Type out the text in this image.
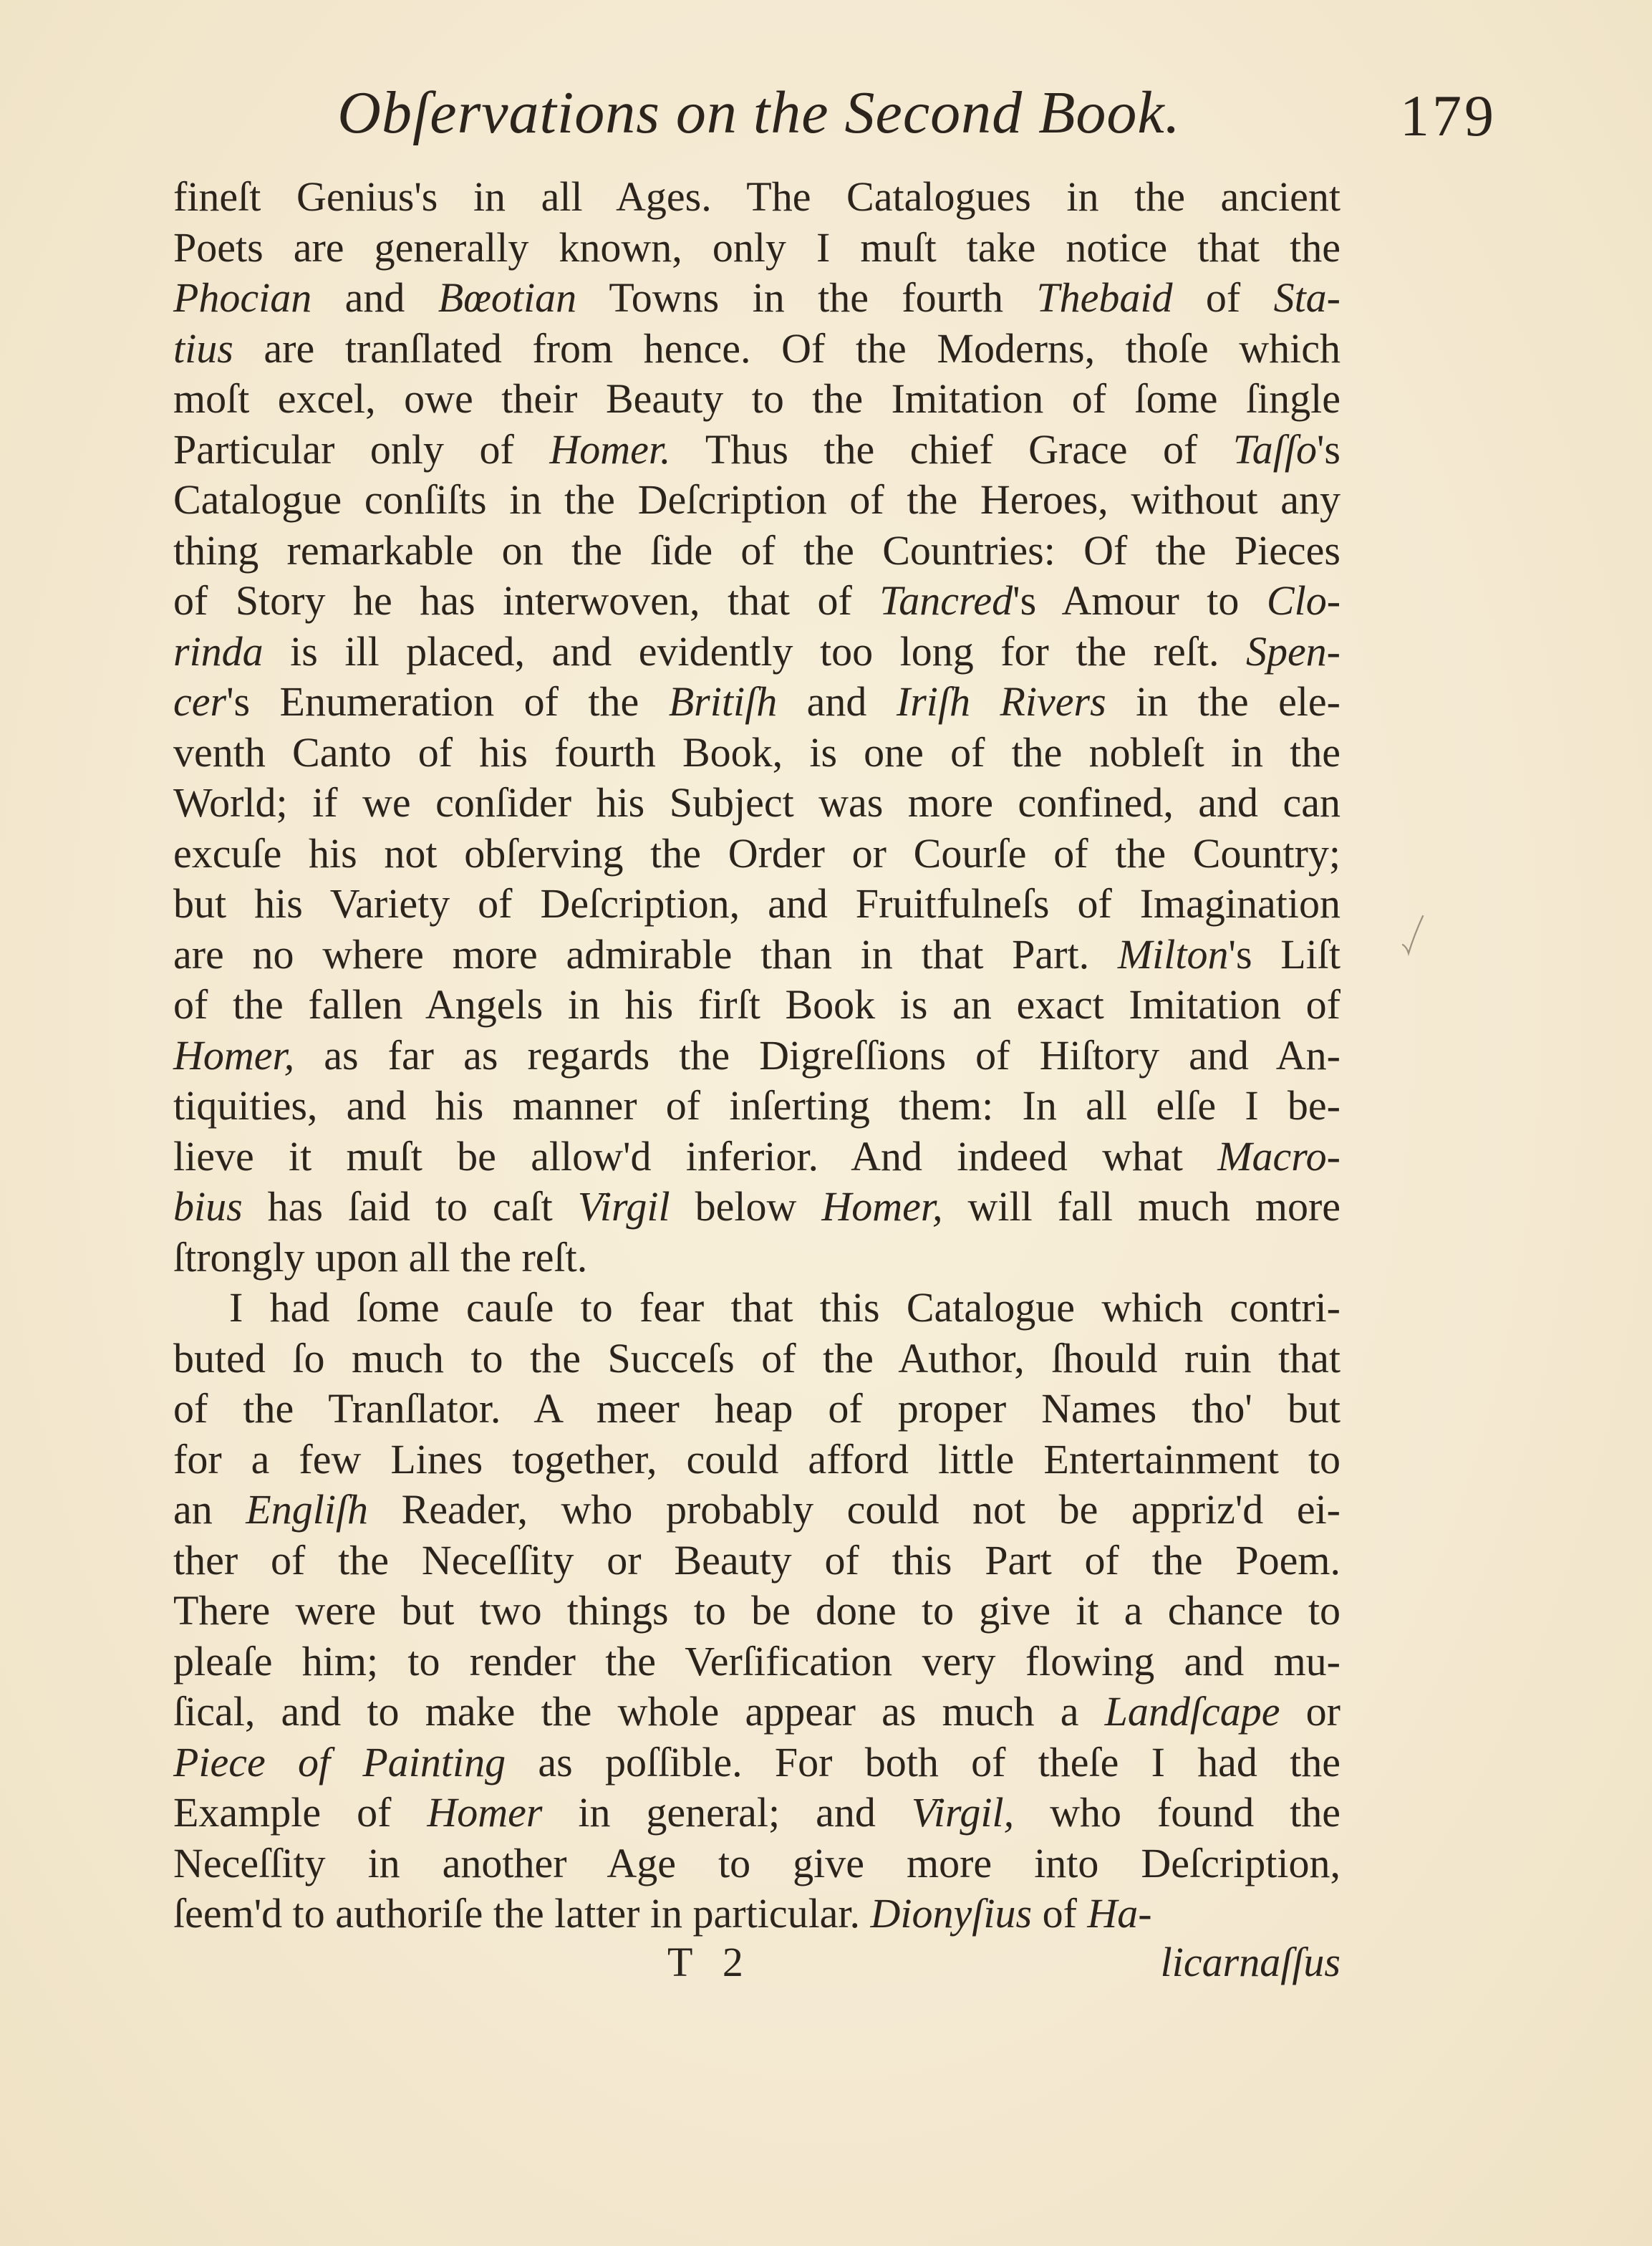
Obſervations on the Second Book.	179
fineſt Genius's in all Ages. The Catalogues in the ancient
Poets are generally known, only I muſt take notice that the
Phocian and Bœotian Towns in the fourth Thebaid of Sta-
tius are tranſlated from hence. Of the Moderns, thoſe which
moſt excel, owe their Beauty to the Imitation of ſome ſingle
Particular only of Homer. Thus the chief Grace of Taſſo's
Catalogue conſiſts in the Deſcription of the Heroes, without any
thing remarkable on the ſide of the Countries: Of the Pieces
of Story he has interwoven, that of Tancred's Amour to Clo-
rinda is ill placed, and evidently too long for the reſt. Spen-
cer's Enumeration of the Britiſh and Iriſh Rivers in the ele-
venth Canto of his fourth Book, is one of the nobleſt in the
World; if we conſider his Subject was more confined, and can
excuſe his not obſerving the Order or Courſe of the Country;
but his Variety of Deſcription, and Fruitfulneſs of Imagination
are no where more admirable than in that Part. Milton's Liſt
of the fallen Angels in his firſt Book is an exact Imitation of
Homer, as far as regards the Digreſſions of Hiſtory and An-
tiquities, and his manner of inſerting them: In all elſe I be-
lieve it muſt be allow'd inferior. And indeed what Macro-
bius has ſaid to caſt Virgil below Homer, will fall much more
ſtrongly upon all the reſt.
I had ſome cauſe to fear that this Catalogue which contri-
buted ſo much to the Succeſs of the Author, ſhould ruin that
of the Tranſlator. A meer heap of proper Names tho' but
for a few Lines together, could afford little Entertainment to
an Engliſh Reader, who probably could not be appriz'd ei-
ther of the Neceſſity or Beauty of this Part of the Poem.
There were but two things to be done to give it a chance to
pleaſe him; to render the Verſification very flowing and mu-
ſical, and to make the whole appear as much a Landſcape or
Piece of Painting as poſſible. For both of theſe I had the
Example of Homer in general; and Virgil, who found the
Neceſſity in another Age to give more into Deſcription,
ſeem'd to authoriſe the latter in particular. Dionyſius of Ha-
T 2	licarnaſſus
